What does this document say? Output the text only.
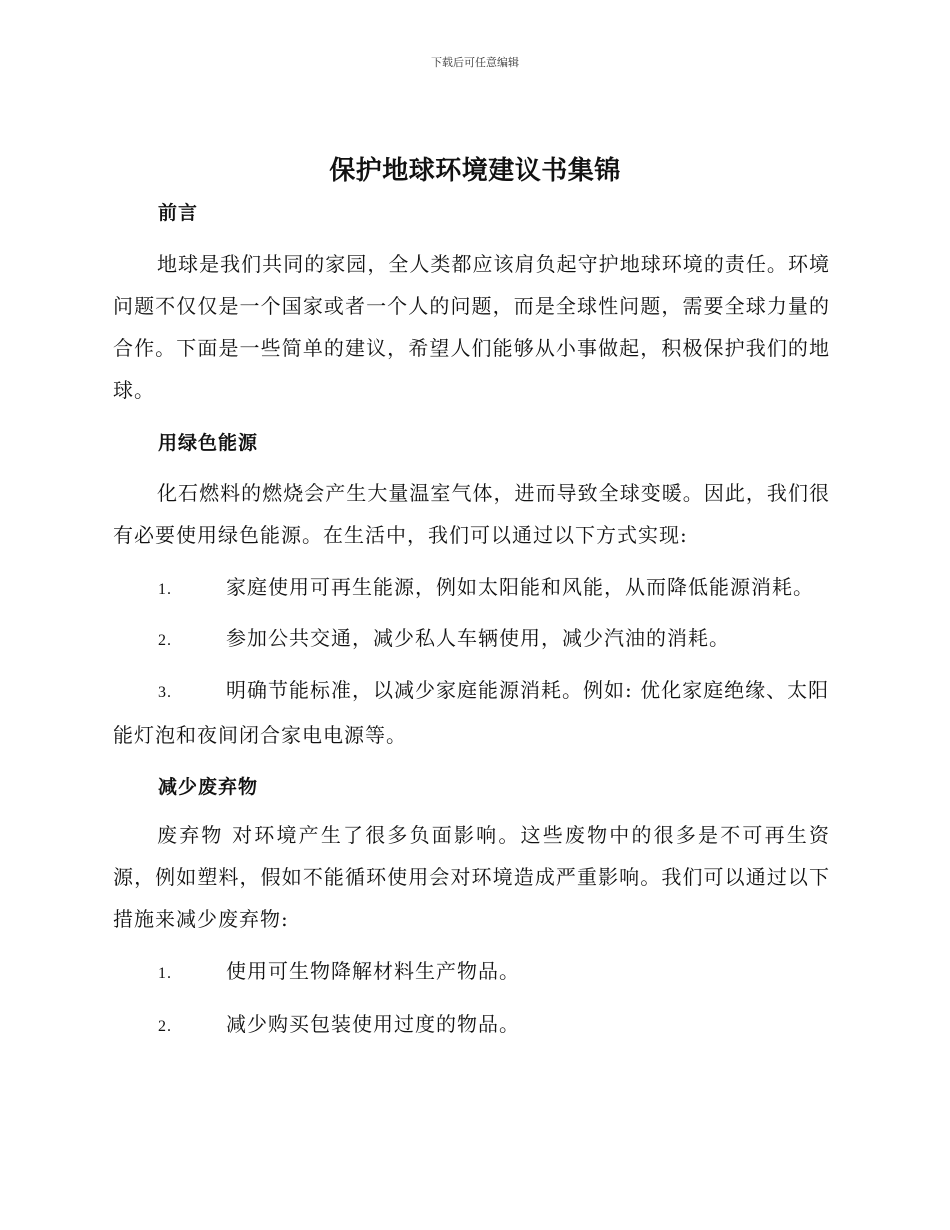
下载后可任意编辑
保护地球环境建议书集锦
前言
地球是我们共同的家园，全人类都应该肩负起守护地球环境的责任。环境问题不仅仅是一个国家或者一个人的问题，而是全球性问题，需要全球力量的合作。下面是一些简单的建议，希望人们能够从小事做起，积极保护我们的地球。
用绿色能源
化石燃料的燃烧会产生大量温室气体，进而导致全球变暖。因此，我们很有必要使用绿色能源。在生活中，我们可以通过以下方式实现:
1.	家庭使用可再生能源，例如太阳能和风能，从而降低能源消耗。
2.	参加公共交通，减少私人车辆使用，减少汽油的消耗。
3.	明确节能标准，以减少家庭能源消耗。例如: 优化家庭绝缘、太阳能灯泡和夜间闭合家电电源等。
减少废弃物
废弃物 对环境产生了很多负面影响。这些废物中的很多是不可再生资源，例如塑料，假如不能循环使用会对环境造成严重影响。我们可以通过以下措施来减少废弃物:
1.	使用可生物降解材料生产物品。
2.	减少购买包装使用过度的物品。
